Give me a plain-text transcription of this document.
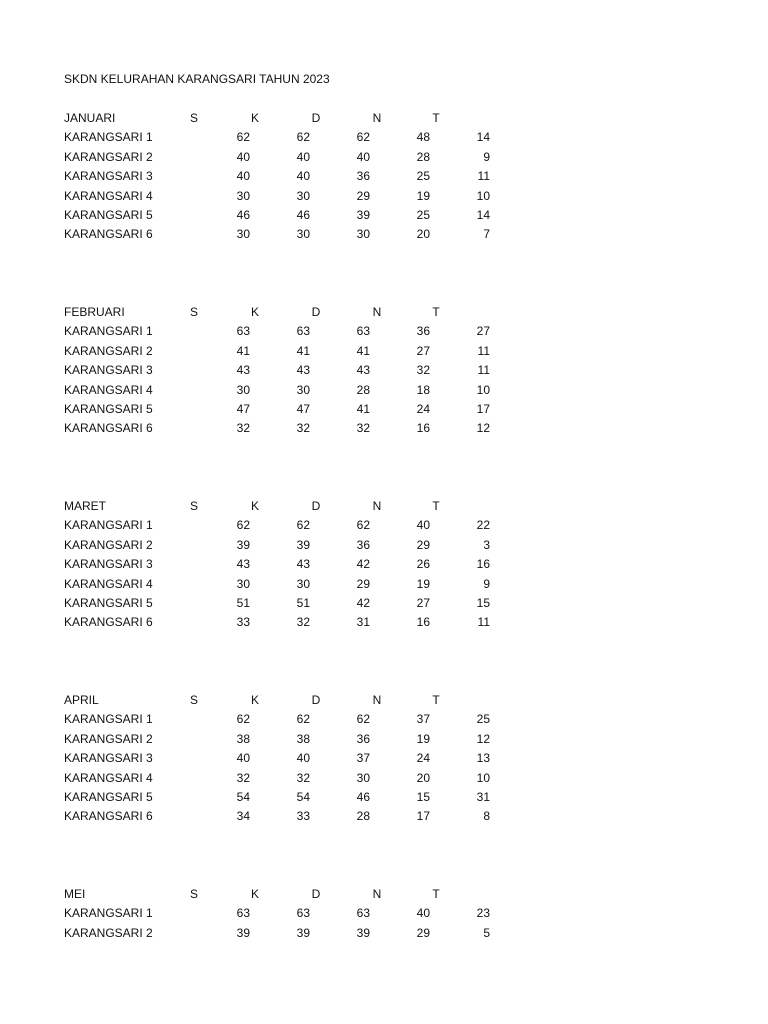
SKDN KELURAHAN KARANGSARI TAHUN 2023
JANUARI	S	K	D	N	T
KARANGSARI 1	62	62	62	48	14
KARANGSARI 2	40	40	40	28	9
KARANGSARI 3	40	40	36	25	11
KARANGSARI 4	30	30	29	19	10
KARANGSARI 5	46	46	39	25	14
KARANGSARI 6	30	30	30	20	7
FEBRUARI	S	K	D	N	T
KARANGSARI 1	63	63	63	36	27
KARANGSARI 2	41	41	41	27	11
KARANGSARI 3	43	43	43	32	11
KARANGSARI 4	30	30	28	18	10
KARANGSARI 5	47	47	41	24	17
KARANGSARI 6	32	32	32	16	12
MARET	S	K	D	N	T
KARANGSARI 1	62	62	62	40	22
KARANGSARI 2	39	39	36	29	3
KARANGSARI 3	43	43	42	26	16
KARANGSARI 4	30	30	29	19	9
KARANGSARI 5	51	51	42	27	15
KARANGSARI 6	33	32	31	16	11
APRIL	S	K	D	N	T
KARANGSARI 1	62	62	62	37	25
KARANGSARI 2	38	38	36	19	12
KARANGSARI 3	40	40	37	24	13
KARANGSARI 4	32	32	30	20	10
KARANGSARI 5	54	54	46	15	31
KARANGSARI 6	34	33	28	17	8
MEI	S	K	D	N	T
KARANGSARI 1	63	63	63	40	23
KARANGSARI 2	39	39	39	29	5
